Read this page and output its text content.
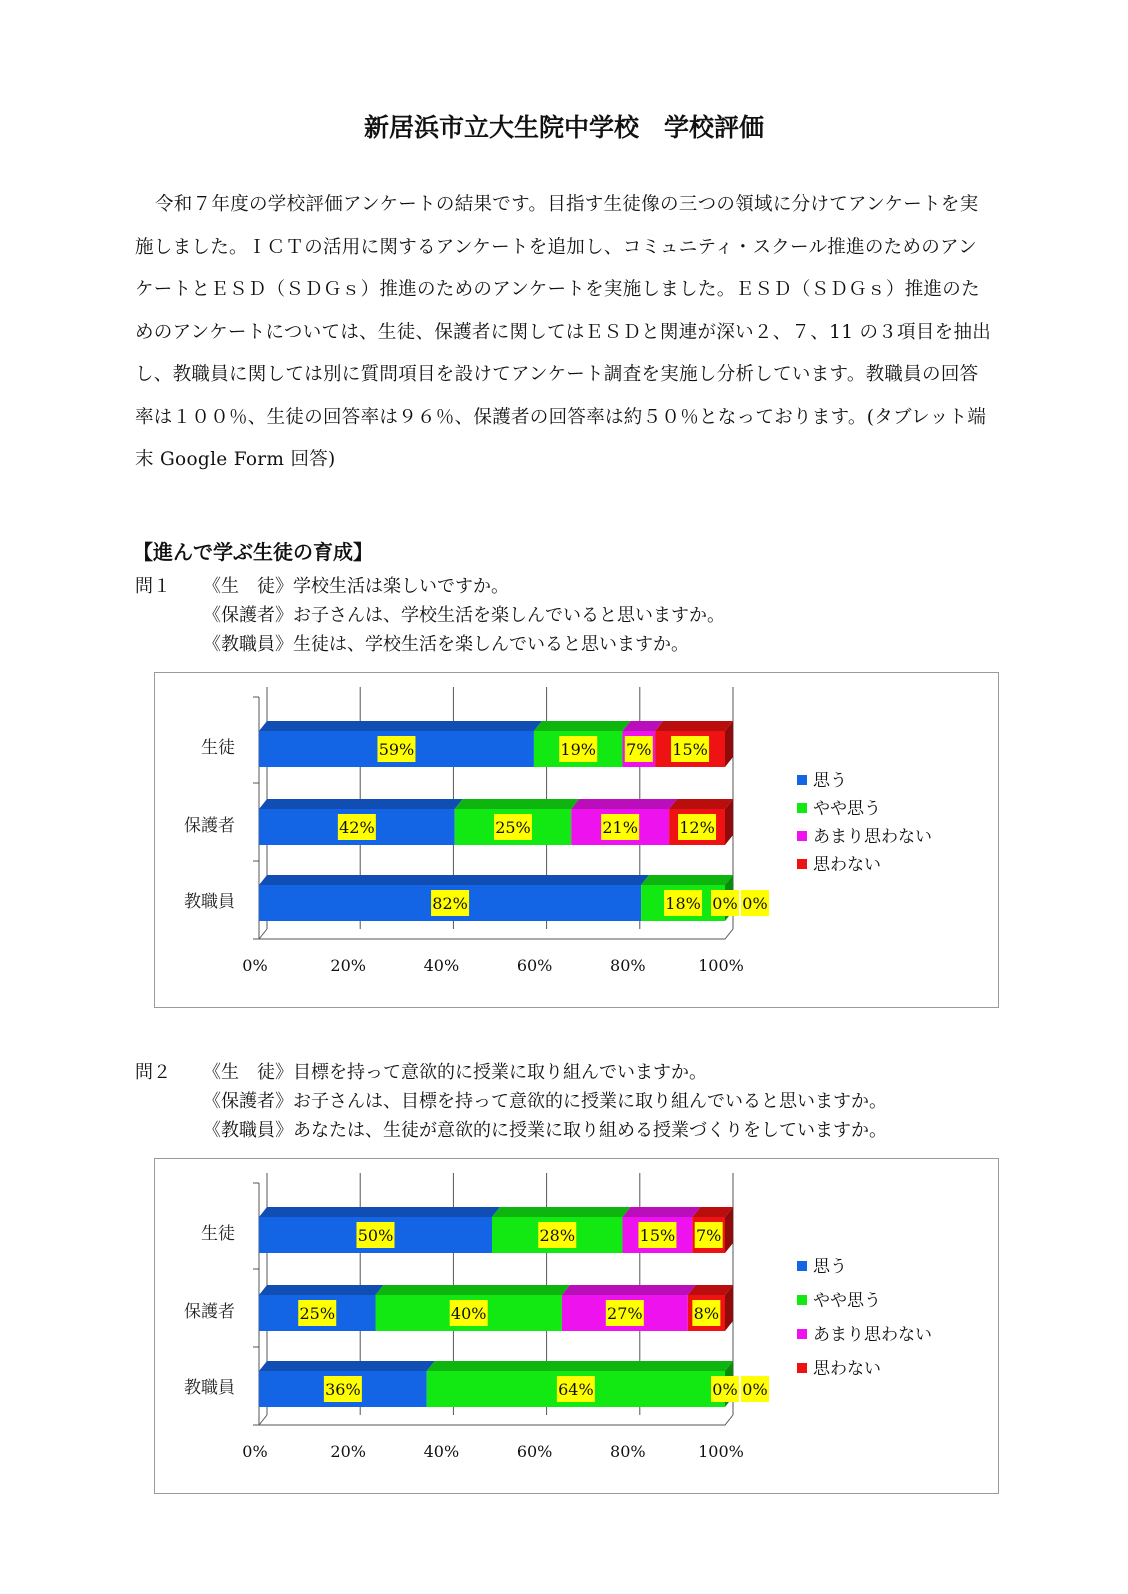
新居浜市立大生院中学校　学校評価
令和７年度の学校評価アンケートの結果です。目指す生徒像の三つの領域に分けてアンケートを実施しました。ＩＣＴの活用に関するアンケートを追加し、コミュニティ・スクール推進のためのアンケートとＥＳＤ（ＳＤＧｓ）推進のためのアンケートを実施しました。ＥＳＤ（ＳＤＧｓ）推進のためのアンケートについては、生徒、保護者に関してはＥＳＤと関連が深い２、７、11 の３項目を抽出し、教職員に関しては別に質問項目を設けてアンケート調査を実施し分析しています。教職員の回答率は１００％、生徒の回答率は９６％、保護者の回答率は約５０％となっております。(タブレット端末 Google Form 回答)
【進んで学ぶ生徒の育成】
問１	《生　徒》学校生活は楽しいですか。
《保護者》お子さんは、学校生活を楽しんでいると思いますか。
《教職員》生徒は、学校生活を楽しんでいると思いますか。
生徒	59%	19% 7% 15%
保護者	42%	25%	21%	12%
教職員	82%	18% 0% 0%
0%	20%	40%	60%	80%	100%
思う
やや思う
あまり思わない
思わない
問２	《生　徒》目標を持って意欲的に授業に取り組んでいますか。
《保護者》お子さんは、目標を持って意欲的に授業に取り組んでいると思いますか。
《教職員》あなたは、生徒が意欲的に授業に取り組める授業づくりをしていますか。
生徒	50%	28%	15% 7%
保護者	25%	40%	27%	8%
教職員	36%	64%	0% 0%
0%	20%	40%	60%	80%	100%
思う
やや思う
あまり思わない
思わない
